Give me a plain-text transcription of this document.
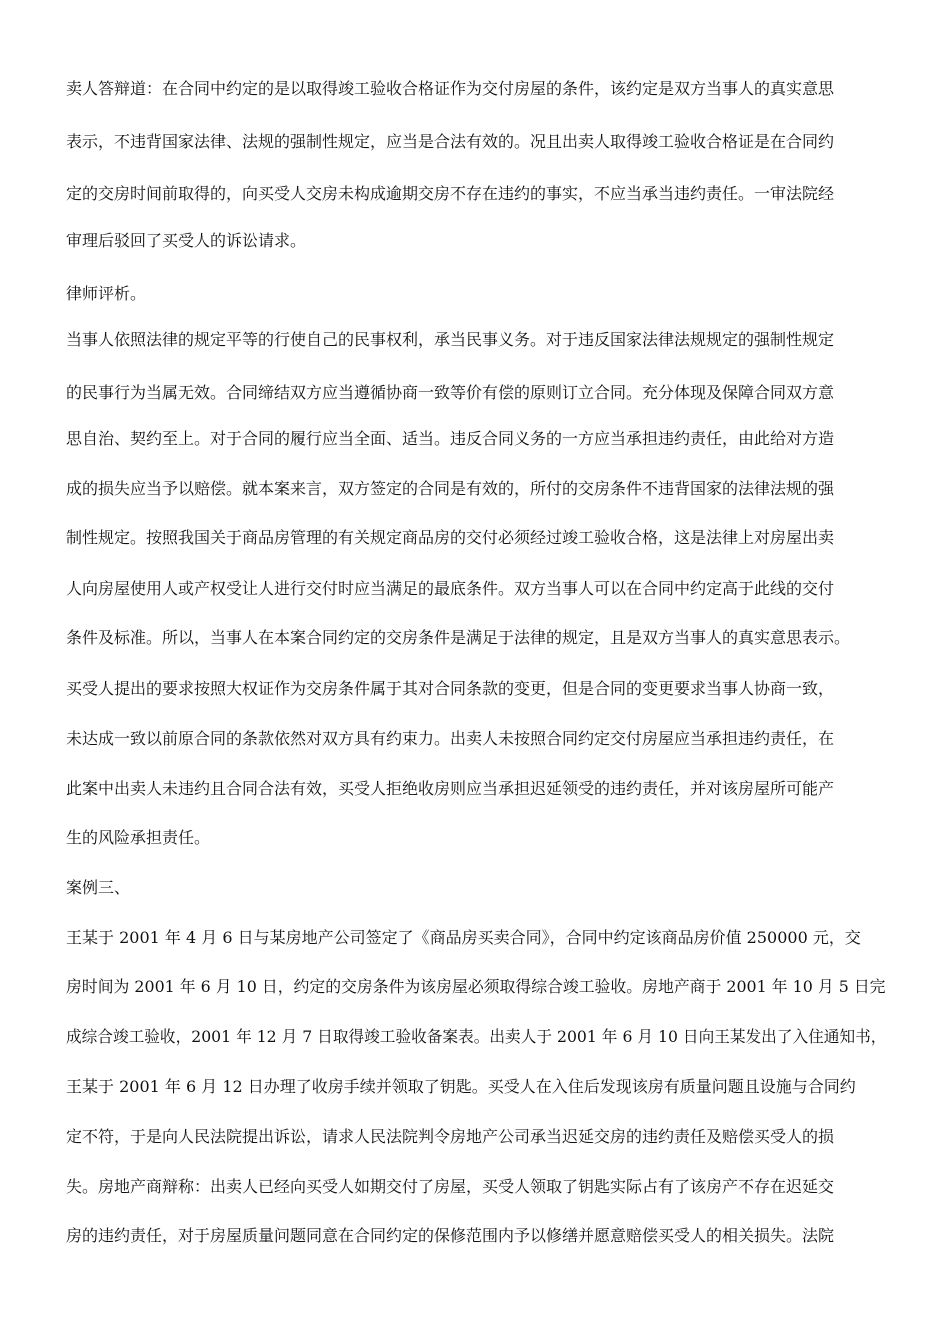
卖人答辩道：在合同中约定的是以取得竣工验收合格证作为交付房屋的条件，该约定是双方当事人的真实意思
表示，不违背国家法律、法规的强制性规定，应当是合法有效的。况且出卖人取得竣工验收合格证是在合同约
定的交房时间前取得的，向买受人交房未构成逾期交房不存在违约的事实，不应当承当违约责任。一审法院经
审理后驳回了买受人的诉讼请求。
律师评析。
当事人依照法律的规定平等的行使自己的民事权利，承当民事义务。对于违反国家法律法规规定的强制性规定
的民事行为当属无效。合同缔结双方应当遵循协商一致等价有偿的原则订立合同。充分体现及保障合同双方意
思自治、契约至上。对于合同的履行应当全面、适当。违反合同义务的一方应当承担违约责任，由此给对方造
成的损失应当予以赔偿。就本案来言，双方签定的合同是有效的，所付的交房条件不违背国家的法律法规的强
制性规定。按照我国关于商品房管理的有关规定商品房的交付必须经过竣工验收合格，这是法律上对房屋出卖
人向房屋使用人或产权受让人进行交付时应当满足的最底条件。双方当事人可以在合同中约定高于此线的交付
条件及标准。所以，当事人在本案合同约定的交房条件是满足于法律的规定，且是双方当事人的真实意思表示。
买受人提出的要求按照大权证作为交房条件属于其对合同条款的变更，但是合同的变更要求当事人协商一致，
未达成一致以前原合同的条款依然对双方具有约束力。出卖人未按照合同约定交付房屋应当承担违约责任，在
此案中出卖人未违约且合同合法有效，买受人拒绝收房则应当承担迟延领受的违约责任，并对该房屋所可能产
生的风险承担责任。
案例三、
王某于 2001 年 4 月 6 日与某房地产公司签定了《商品房买卖合同》，合同中约定该商品房价值 250000 元，交
房时间为 2001 年 6 月 10 日，约定的交房条件为该房屋必须取得综合竣工验收。房地产商于 2001 年 10 月 5 日完
成综合竣工验收，2001 年 12 月 7 日取得竣工验收备案表。出卖人于 2001 年 6 月 10 日向王某发出了入住通知书，
王某于 2001 年 6 月 12 日办理了收房手续并领取了钥匙。买受人在入住后发现该房有质量问题且设施与合同约
定不符，于是向人民法院提出诉讼，请求人民法院判令房地产公司承当迟延交房的违约责任及赔偿买受人的损
失。房地产商辩称：出卖人已经向买受人如期交付了房屋，买受人领取了钥匙实际占有了该房产不存在迟延交
房的违约责任，对于房屋质量问题同意在合同约定的保修范围内予以修缮并愿意赔偿买受人的相关损失。法院
